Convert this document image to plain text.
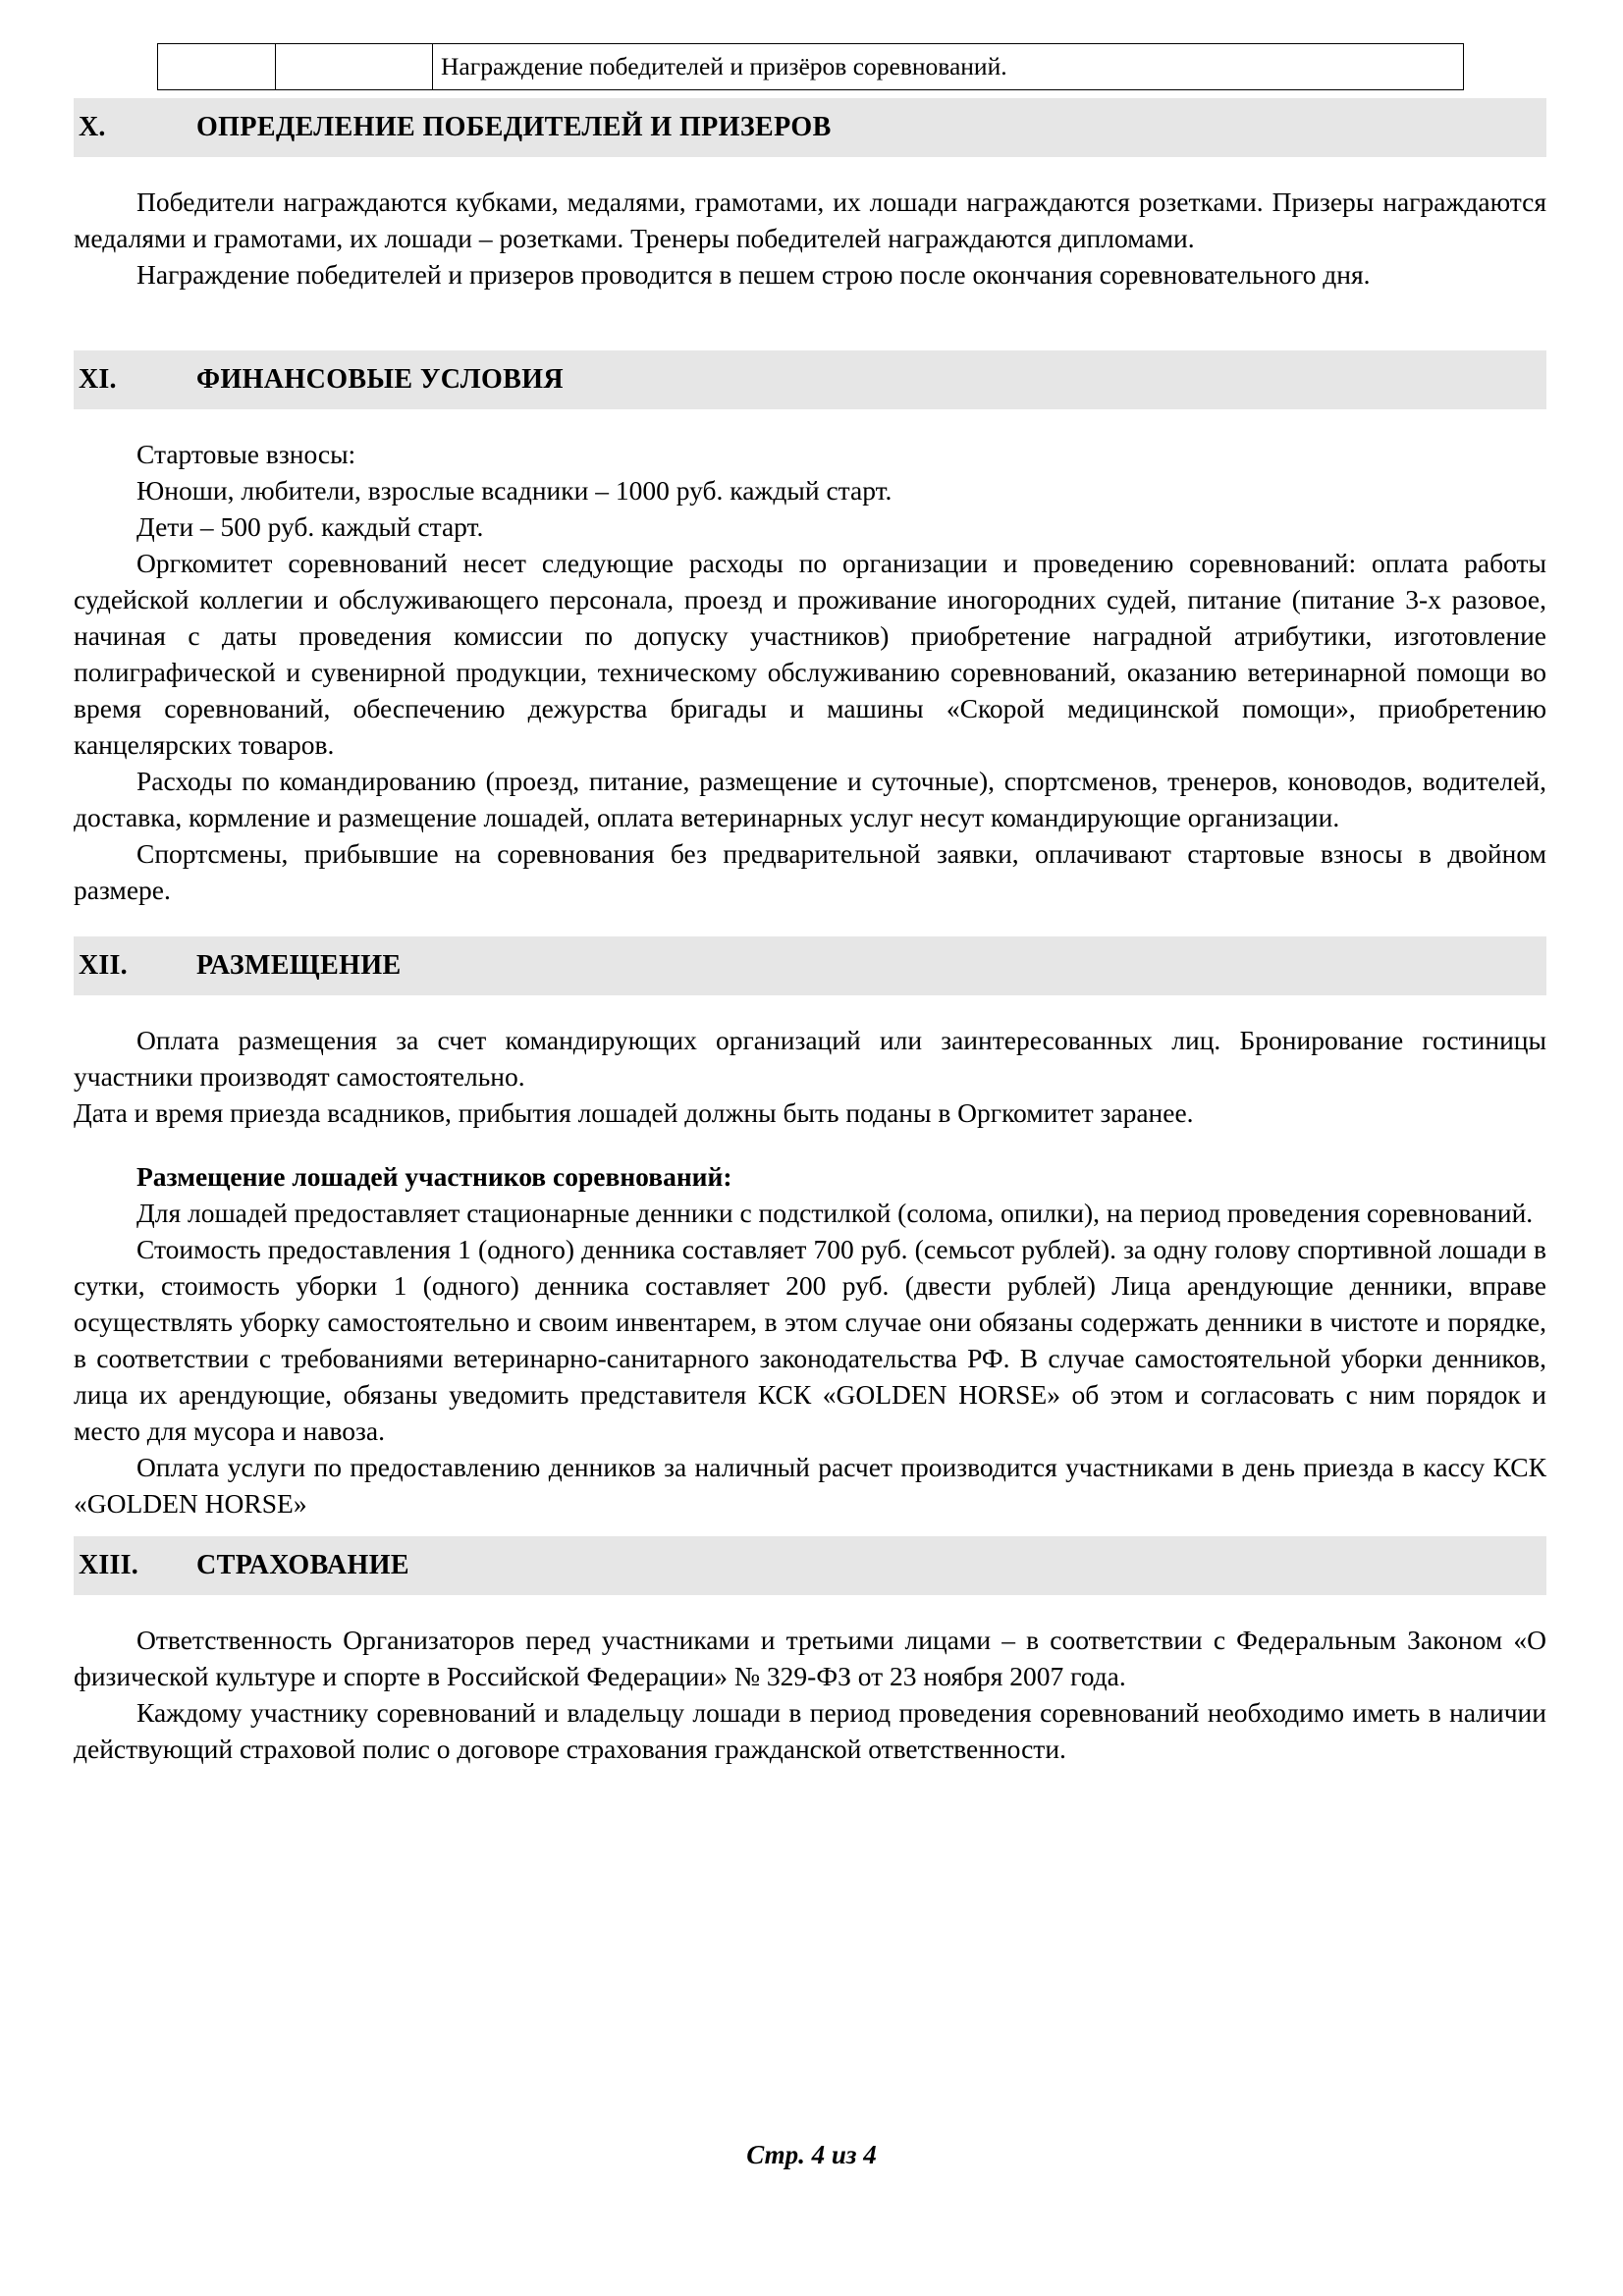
		Награждение победителей и призёров соревнований.
X.	ОПРЕДЕЛЕНИЕ ПОБЕДИТЕЛЕЙ И ПРИЗЕРОВ

Победители награждаются кубками, медалями, грамотами, их лошади награждаются розетками. Призеры награждаются медалями и грамотами, их лошади – розетками. Тренеры победителей награждаются дипломами.

Награждение победителей и призеров проводится в пешем строю после окончания соревновательного дня.

XI.	ФИНАНСОВЫЕ УСЛОВИЯ

Стартовые взносы:

Юноши, любители, взрослые всадники – 1000 руб. каждый старт.

Дети – 500 руб. каждый старт.

Оргкомитет соревнований несет следующие расходы по организации и проведению соревнований: оплата работы судейской коллегии и обслуживающего персонала, проезд и проживание иногородних судей, питание (питание 3-х разовое, начиная с даты проведения комиссии по допуску участников) приобретение наградной атрибутики, изготовление полиграфической и сувенирной продукции, техническому обслуживанию соревнований, оказанию ветеринарной помощи во время соревнований, обеспечению дежурства бригады и машины «Скорой медицинской помощи», приобретению канцелярских товаров.

Расходы по командированию (проезд, питание, размещение и суточные), спортсменов, тренеров, коноводов, водителей, доставка, кормление и размещение лошадей, оплата ветеринарных услуг несут командирующие организации.

Спортсмены, прибывшие на соревнования без предварительной заявки, оплачивают стартовые взносы в двойном размере.

XII.	РАЗМЕЩЕНИЕ

Оплата размещения за счет командирующих организаций или заинтересованных лиц. Бронирование гостиницы участники производят самостоятельно.

Дата и время приезда всадников, прибытия лошадей должны быть поданы в Оргкомитет заранее.

Размещение лошадей участников соревнований:

Для лошадей предоставляет стационарные денники с подстилкой (солома, опилки), на период проведения соревнований.

Стоимость предоставления 1 (одного) денника составляет 700 руб. (семьсот рублей). за одну голову спортивной лошади в сутки, стоимость уборки 1 (одного) денника составляет 200 руб. (двести рублей) Лица арендующие денники, вправе осуществлять уборку самостоятельно и своим инвентарем, в этом случае они обязаны содержать денники в чистоте и порядке, в соответствии с требованиями ветеринарно-санитарного законодательства РФ. В случае самостоятельной уборки денников, лица их арендующие, обязаны уведомить представителя КСК «GOLDEN HORSE» об этом и согласовать с ним порядок и место для мусора и навоза.

Оплата услуги по предоставлению денников за наличный расчет производится участниками в день приезда в кассу КСК «GOLDEN HORSE»

XIII.	СТРАХОВАНИЕ

Ответственность Организаторов перед участниками и третьими лицами – в соответствии с Федеральным Законом «О физической культуре и спорте в Российской Федерации» № 329-ФЗ от 23 ноября 2007 года.

Каждому участнику соревнований и владельцу лошади в период проведения соревнований необходимо иметь в наличии действующий страховой полис о договоре страхования гражданской ответственности.

Стр. 4 из 4
